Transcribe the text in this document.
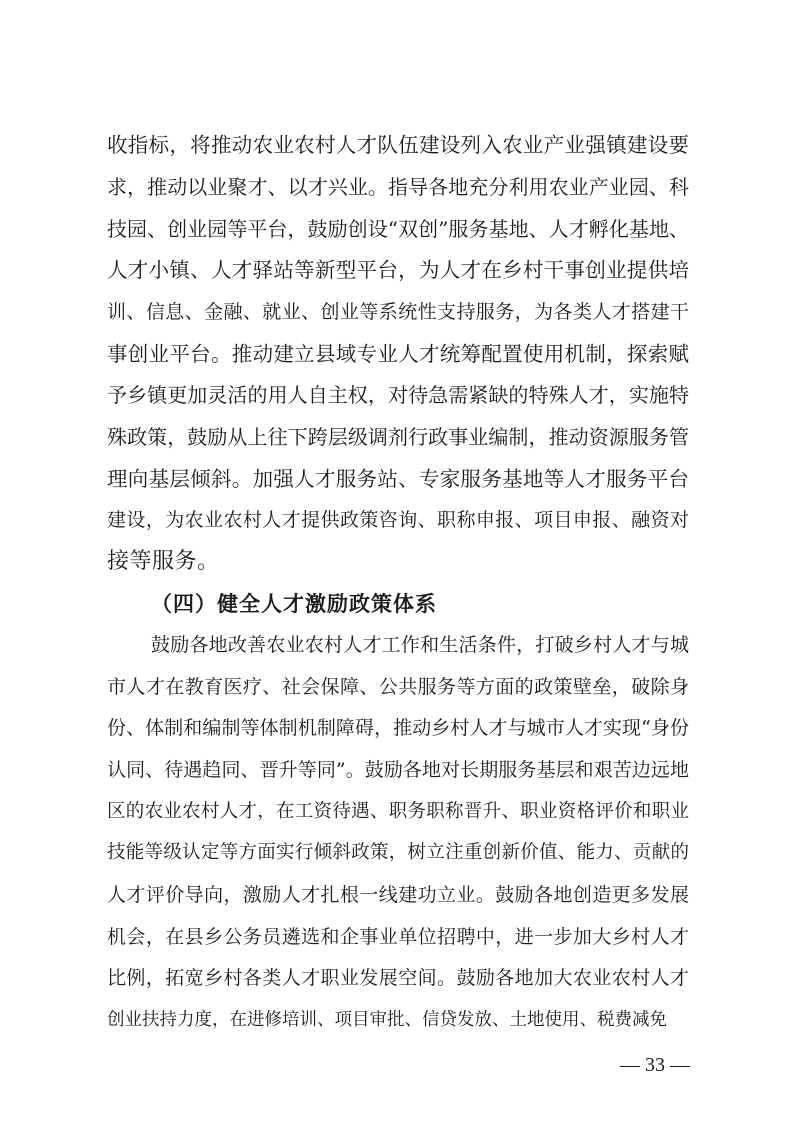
收指标，将推动农业农村人才队伍建设列入农业产业强镇建设要
求，推动以业聚才、以才兴业。指导各地充分利用农业产业园、科
技园、创业园等平台，鼓励创设“双创”服务基地、人才孵化基地、
人才小镇、人才驿站等新型平台，为人才在乡村干事创业提供培
训、信息、金融、就业、创业等系统性支持服务，为各类人才搭建干
事创业平台。推动建立县域专业人才统筹配置使用机制，探索赋
予乡镇更加灵活的用人自主权，对待急需紧缺的特殊人才，实施特
殊政策，鼓励从上往下跨层级调剂行政事业编制，推动资源服务管
理向基层倾斜。加强人才服务站、专家服务基地等人才服务平台
建设，为农业农村人才提供政策咨询、职称申报、项目申报、融资对
接等服务。
（四）健全人才激励政策体系
鼓励各地改善农业农村人才工作和生活条件，打破乡村人才与城
市人才在教育医疗、社会保障、公共服务等方面的政策壁垒，破除身
份、体制和编制等体制机制障碍，推动乡村人才与城市人才实现“身份
认同、待遇趋同、晋升等同”。鼓励各地对长期服务基层和艰苦边远地
区的农业农村人才，在工资待遇、职务职称晋升、职业资格评价和职业
技能等级认定等方面实行倾斜政策，树立注重创新价值、能力、贡献的
人才评价导向，激励人才扎根一线建功立业。鼓励各地创造更多发展
机会，在县乡公务员遴选和企事业单位招聘中，进一步加大乡村人才
比例，拓宽乡村各类人才职业发展空间。鼓励各地加大农业农村人才
创业扶持力度，在进修培训、项目审批、信贷发放、土地使用、税费减免
— 33 —
